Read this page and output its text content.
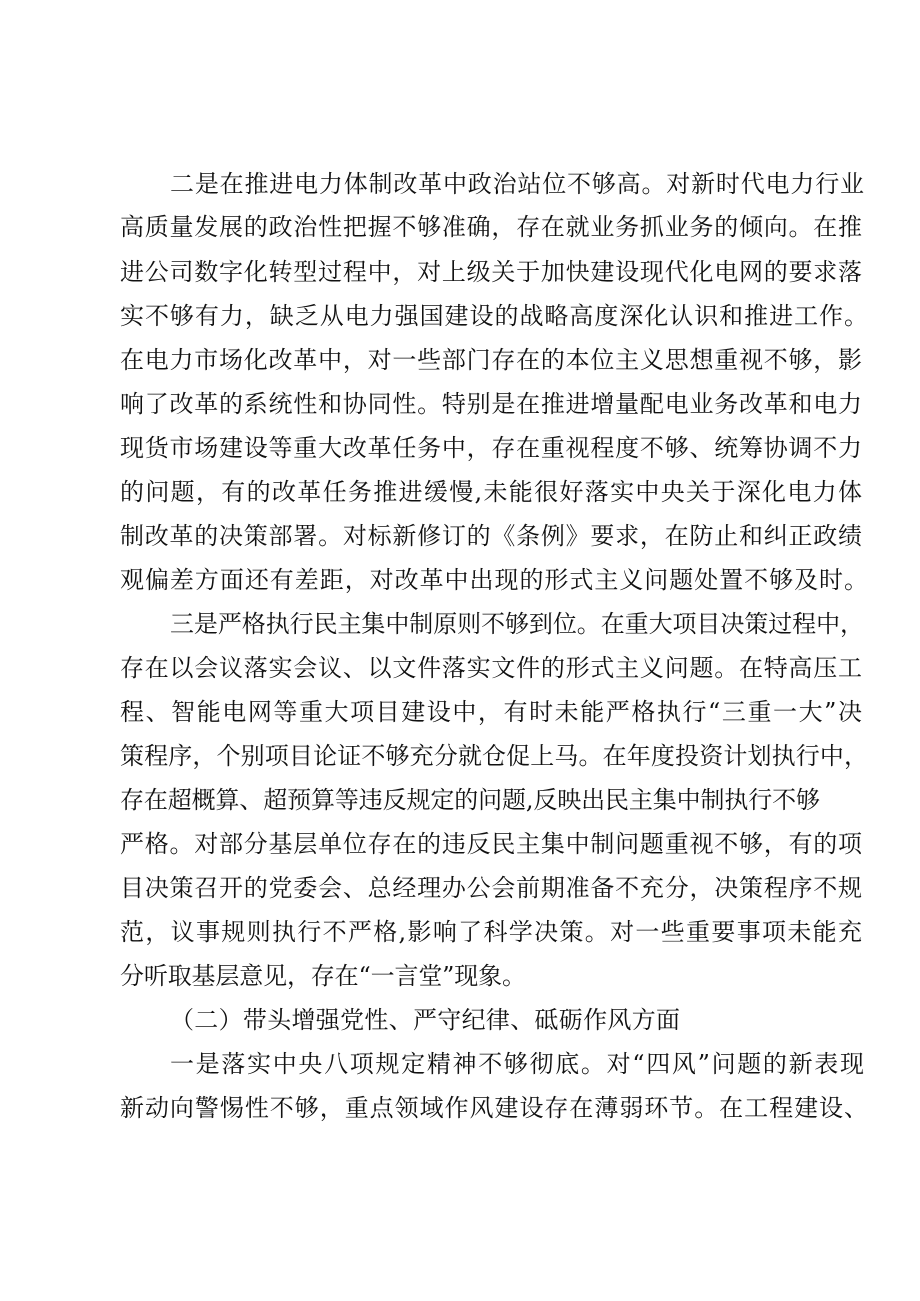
二是在推进电力体制改革中政治站位不够高。对新时代电力行业
高质量发展的政治性把握不够准确，存在就业务抓业务的倾向。在推
进公司数字化转型过程中，对上级关于加快建设现代化电网的要求落
实不够有力，缺乏从电力强国建设的战略高度深化认识和推进工作。
在电力市场化改革中，对一些部门存在的本位主义思想重视不够，影
响了改革的系统性和协同性。特别是在推进增量配电业务改革和电力
现货市场建设等重大改革任务中，存在重视程度不够、统筹协调不力
的问题，有的改革任务推进缓慢,未能很好落实中央关于深化电力体
制改革的决策部署。对标新修订的《条例》要求，在防止和纠正政绩
观偏差方面还有差距，对改革中出现的形式主义问题处置不够及时。
三是严格执行民主集中制原则不够到位。在重大项目决策过程中，
存在以会议落实会议、以文件落实文件的形式主义问题。在特高压工
程、智能电网等重大项目建设中，有时未能严格执行“三重一大”决
策程序，个别项目论证不够充分就仓促上马。在年度投资计划执行中，
存在超概算、超预算等违反规定的问题,反映出民主集中制执行不够
严格。对部分基层单位存在的违反民主集中制问题重视不够，有的项
目决策召开的党委会、总经理办公会前期准备不充分，决策程序不规
范，议事规则执行不严格,影响了科学决策。对一些重要事项未能充
分听取基层意见，存在“一言堂”现象。
（二）带头增强党性、严守纪律、砥砺作风方面
一是落实中央八项规定精神不够彻底。对“四风”问题的新表现
新动向警惕性不够，重点领域作风建设存在薄弱环节。在工程建设、
